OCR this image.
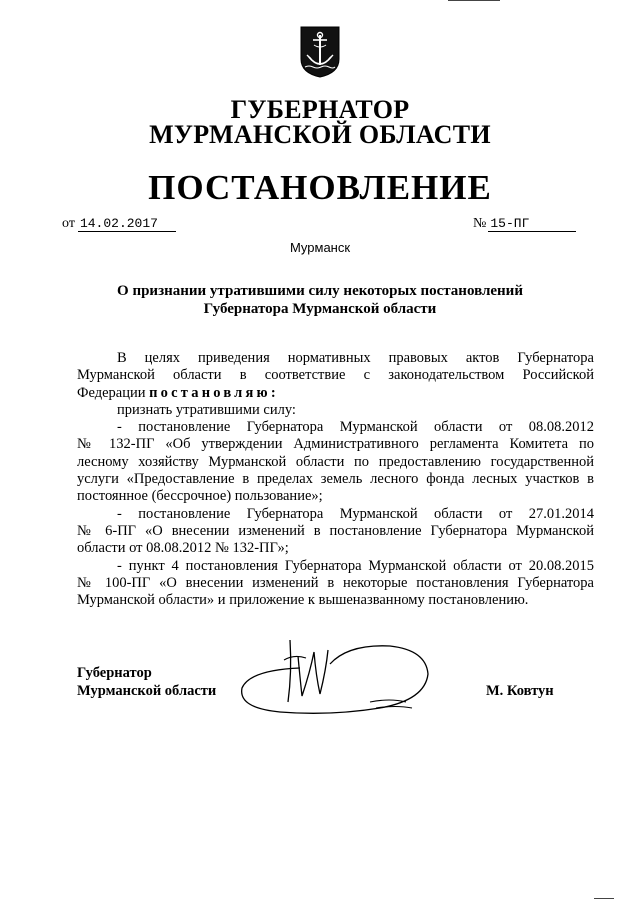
ГУБЕРНАТОР
МУРМАНСКОЙ ОБЛАСТИ
ПОСТАНОВЛЕНИЕ
от 14.02.2017	№ 15-ПГ
Мурманск
О признании утратившими силу некоторых постановлений
Губернатора Мурманской области

В целях приведения нормативных правовых актов Губернатора

Мурманской области в соответствие с законодательством Российской

Федерации постановляю:

признать утратившими силу:

- постановление Губернатора Мурманской области от 08.08.2012

№ 132-ПГ «Об утверждении Административного регламента Комитета по

лесному хозяйству Мурманской области по предоставлению государственной

услуги «Предоставление в пределах земель лесного фонда лесных участков в

постоянное (бессрочное) пользование»;

- постановление Губернатора Мурманской области от 27.01.2014

№ 6-ПГ «О внесении изменений в постановление Губернатора Мурманской

области от 08.08.2012 № 132-ПГ»;

- пункт 4 постановления Губернатора Мурманской области от 20.08.2015

№ 100-ПГ «О внесении изменений в некоторые постановления Губернатора

Мурманской области» и приложение к вышеназванному постановлению.

Губернатор
Мурманской области	М. Ковтун
